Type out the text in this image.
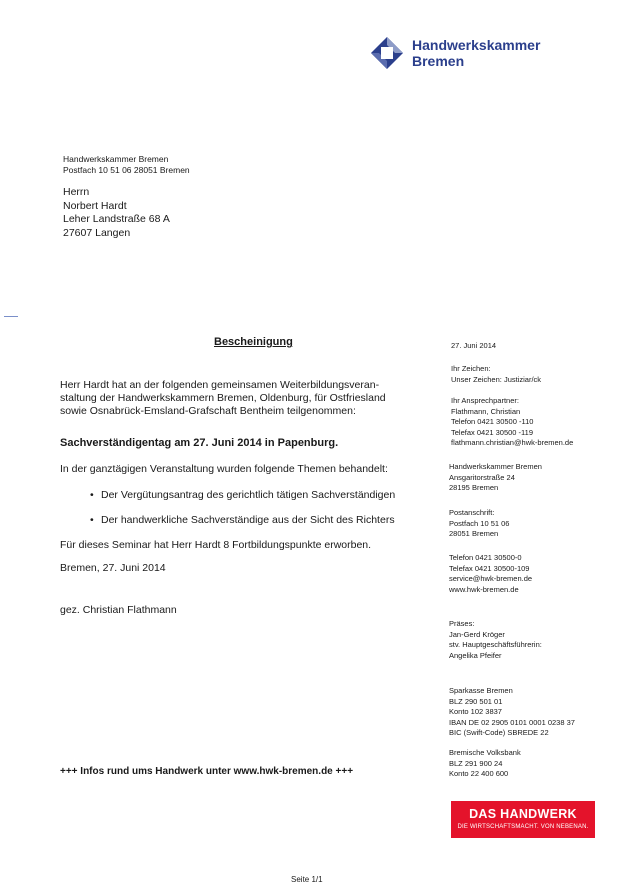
Handwerkskammer
Bremen
Handwerkskammer Bremen
Postfach 10 51 06 28051 Bremen
Herrn
Norbert Hardt
Leher Landstraße 68 A
27607 Langen
Bescheinigung
Herr Hardt hat an der folgenden gemeinsamen Weiterbildungsveran-
staltung der Handwerkskammern Bremen, Oldenburg, für Ostfriesland
sowie Osnabrück-Emsland-Grafschaft Bentheim teilgenommen:
Sachverständigentag am 27. Juni 2014 in Papenburg.
In der ganztägigen Veranstaltung wurden folgende Themen behandelt:
• Der Vergütungsantrag des gerichtlich tätigen Sachverständigen
• Der handwerkliche Sachverständige aus der Sicht des Richters
Für dieses Seminar hat Herr Hardt 8 Fortbildungspunkte erworben.
Bremen, 27. Juni 2014
gez. Christian Flathmann
+++ Infos rund ums Handwerk unter www.hwk-bremen.de +++
27. Juni 2014
Ihr Zeichen:
Unser Zeichen: Justiziar/ck
Ihr Ansprechpartner:
Flathmann, Christian
Telefon 0421 30500 -110
Telefax 0421 30500 -119
flathmann.christian@hwk-bremen.de
Handwerkskammer Bremen
Ansgaritorstraße 24
28195 Bremen
Postanschrift:
Postfach 10 51 06
28051 Bremen
Telefon 0421 30500-0
Telefax 0421 30500-109
service@hwk-bremen.de
www.hwk-bremen.de
Präses:
Jan-Gerd Kröger
stv. Hauptgeschäftsführerin:
Angelika Pfeifer
Sparkasse Bremen
BLZ 290 501 01
Konto 102 3837
IBAN DE 02 2905 0101 0001 0238 37
BIC (Swift-Code) SBREDE 22
Bremische Volksbank
BLZ 291 900 24
Konto 22 400 600
DAS HANDWERK
DIE WIRTSCHAFTSMACHT. VON NEBENAN.
Seite 1/1
